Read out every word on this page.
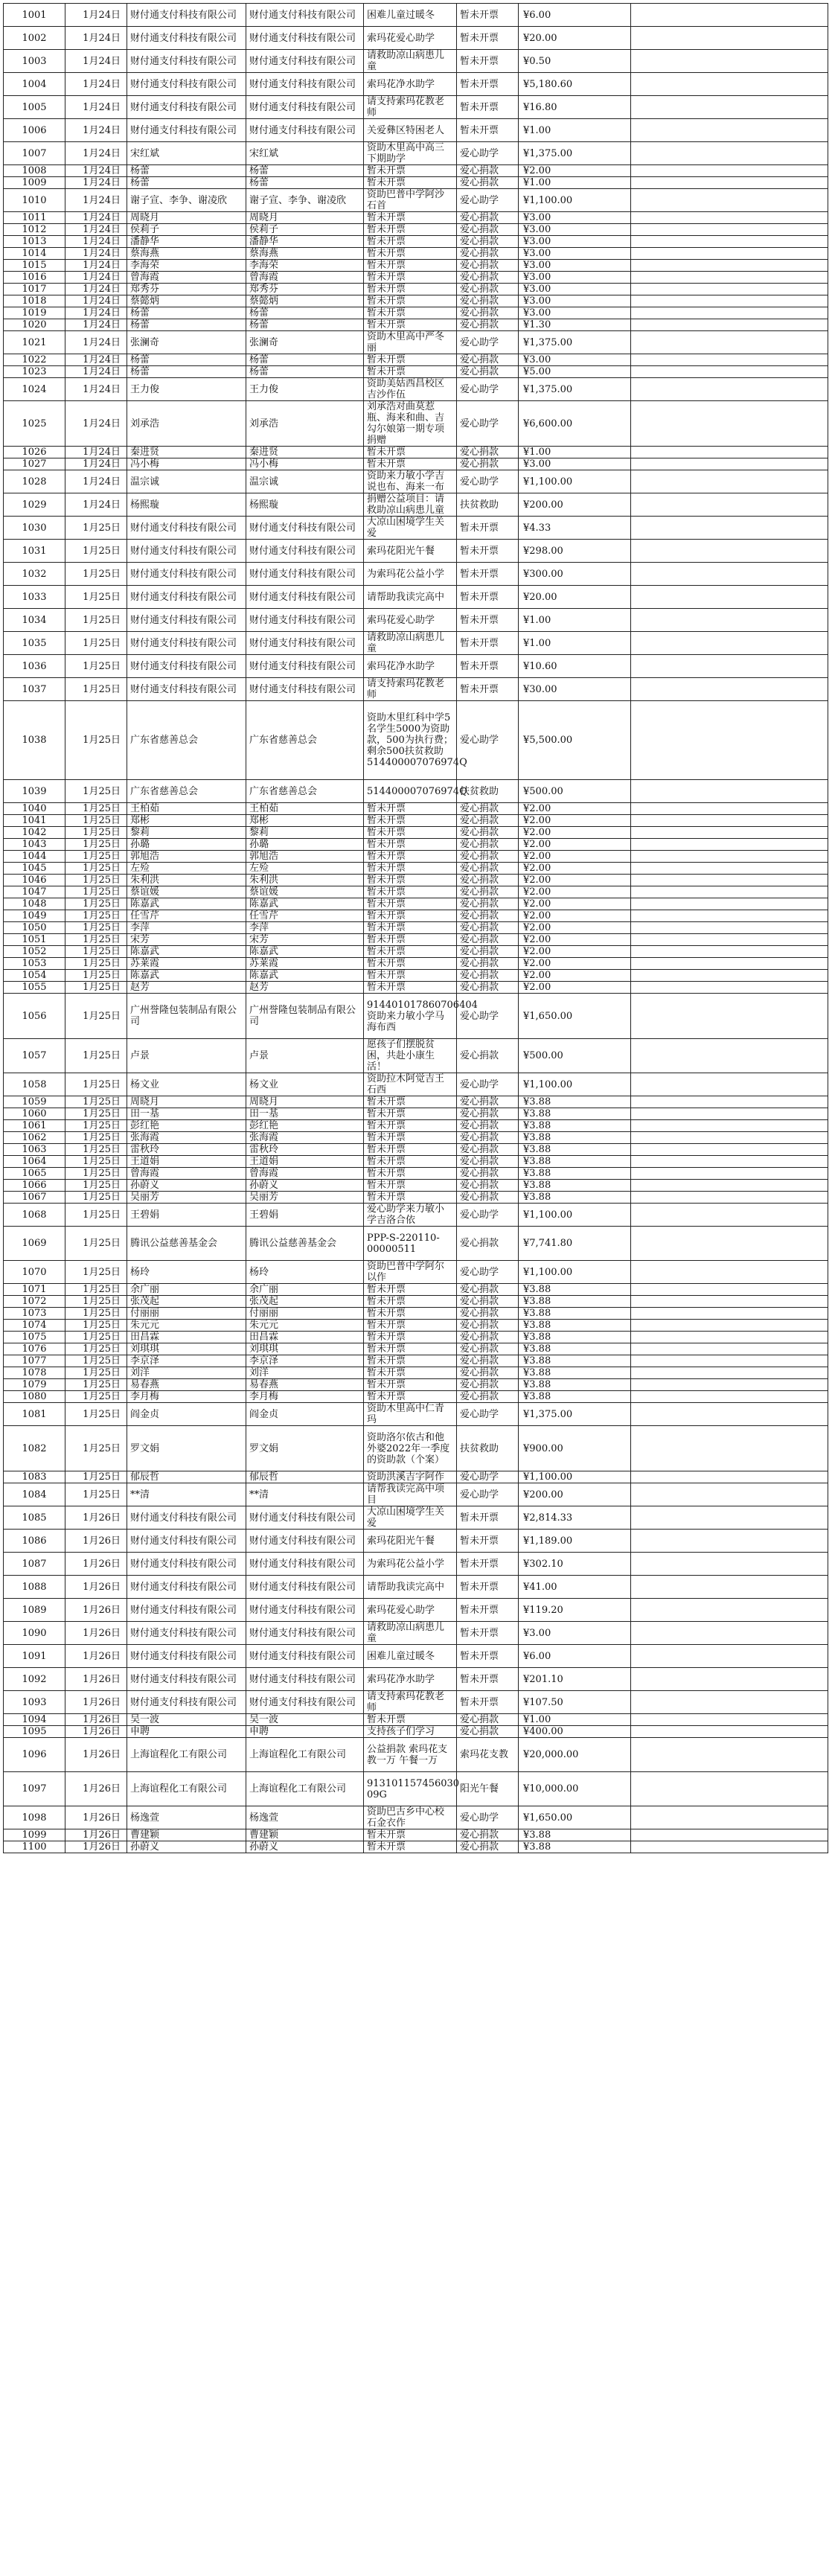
1001	1月24日	财付通支付科技有限公司	财付通支付科技有限公司	困难儿童过暖冬	暂未开票	¥6.00	
1002	1月24日	财付通支付科技有限公司	财付通支付科技有限公司	索玛花爱心助学	暂未开票	¥20.00	
1003	1月24日	财付通支付科技有限公司	财付通支付科技有限公司	请救助凉山病患儿童	暂未开票	¥0.50	
1004	1月24日	财付通支付科技有限公司	财付通支付科技有限公司	索玛花净水助学	暂未开票	¥5,180.60	
1005	1月24日	财付通支付科技有限公司	财付通支付科技有限公司	请支持索玛花教老师	暂未开票	¥16.80	
1006	1月24日	财付通支付科技有限公司	财付通支付科技有限公司	关爱彝区特困老人	暂未开票	¥1.00	
1007	1月24日	宋红斌	宋红斌	资助木里高中高三下期助学	爱心助学	¥1,375.00	
1008	1月24日	杨蕾	杨蕾	暂未开票	爱心捐款	¥2.00	
1009	1月24日	杨蕾	杨蕾	暂未开票	爱心捐款	¥1.00	
1010	1月24日	谢子宣、李争、谢凌欣	谢子宣、李争、谢凌欣	资助巴普中学阿沙石首	爱心助学	¥1,100.00	
1011	1月24日	周晓月	周晓月	暂未开票	爱心捐款	¥3.00	
1012	1月24日	侯莉子	侯莉子	暂未开票	爱心捐款	¥3.00	
1013	1月24日	潘静华	潘静华	暂未开票	爱心捐款	¥3.00	
1014	1月24日	蔡海燕	蔡海燕	暂未开票	爱心捐款	¥3.00	
1015	1月24日	李海荣	李海荣	暂未开票	爱心捐款	¥3.00	
1016	1月24日	曾海霞	曾海霞	暂未开票	爱心捐款	¥3.00	
1017	1月24日	郑秀芬	郑秀芬	暂未开票	爱心捐款	¥3.00	
1018	1月24日	蔡懿炳	蔡懿炳	暂未开票	爱心捐款	¥3.00	
1019	1月24日	杨蕾	杨蕾	暂未开票	爱心捐款	¥3.00	
1020	1月24日	杨蕾	杨蕾	暂未开票	爱心捐款	¥1.30	
1021	1月24日	张澜奇	张澜奇	资助木里高中严冬丽	爱心助学	¥1,375.00	
1022	1月24日	杨蕾	杨蕾	暂未开票	爱心捐款	¥3.00	
1023	1月24日	杨蕾	杨蕾	暂未开票	爱心捐款	¥5.00	
1024	1月24日	王力俊	王力俊	资助美姑西昌校区吉沙作伍	爱心助学	¥1,375.00	
1025	1月24日	刘承浩	刘承浩	刘承浩对曲莫惹瓶、海来和曲、吉勾尔娘第一期专项捐赠	爱心助学	¥6,600.00	
1026	1月24日	秦进贤	秦进贤	暂未开票	爱心捐款	¥1.00	
1027	1月24日	冯小梅	冯小梅	暂未开票	爱心捐款	¥3.00	
1028	1月24日	温宗诚	温宗诚	资助来力敏小学吉说也布、海来一布	爱心助学	¥1,100.00	
1029	1月24日	杨熙璇	杨熙璇	捐赠公益项目：请救助凉山病患儿童	扶贫救助	¥200.00	
1030	1月25日	财付通支付科技有限公司	财付通支付科技有限公司	大凉山困境学生关爱	暂未开票	¥4.33	
1031	1月25日	财付通支付科技有限公司	财付通支付科技有限公司	索玛花阳光午餐	暂未开票	¥298.00	
1032	1月25日	财付通支付科技有限公司	财付通支付科技有限公司	为索玛花公益小学	暂未开票	¥300.00	
1033	1月25日	财付通支付科技有限公司	财付通支付科技有限公司	请帮助我读完高中	暂未开票	¥20.00	
1034	1月25日	财付通支付科技有限公司	财付通支付科技有限公司	索玛花爱心助学	暂未开票	¥1.00	
1035	1月25日	财付通支付科技有限公司	财付通支付科技有限公司	请救助凉山病患儿童	暂未开票	¥1.00	
1036	1月25日	财付通支付科技有限公司	财付通支付科技有限公司	索玛花净水助学	暂未开票	¥10.60	
1037	1月25日	财付通支付科技有限公司	财付通支付科技有限公司	请支持索玛花教老师	暂未开票	¥30.00	
1038	1月25日	广东省慈善总会	广东省慈善总会	资助木里红科中学5名学生5000为资助款，500为执行费；剩余500扶贫救助514400007076974Q	爱心助学	¥5,500.00	
1039	1月25日	广东省慈善总会	广东省慈善总会	514400007076974Q	扶贫救助	¥500.00	
1040	1月25日	王柏茹	王柏茹	暂未开票	爱心捐款	¥2.00	
1041	1月25日	郑彬	郑彬	暂未开票	爱心捐款	¥2.00	
1042	1月25日	黎莉	黎莉	暂未开票	爱心捐款	¥2.00	
1043	1月25日	孙璐	孙璐	暂未开票	爱心捐款	¥2.00	
1044	1月25日	郭旭浩	郭旭浩	暂未开票	爱心捐款	¥2.00	
1045	1月25日	左殓	左殓	暂未开票	爱心捐款	¥2.00	
1046	1月25日	朱利洪	朱利洪	暂未开票	爱心捐款	¥2.00	
1047	1月25日	蔡谊媛	蔡谊媛	暂未开票	爱心捐款	¥2.00	
1048	1月25日	陈嘉武	陈嘉武	暂未开票	爱心捐款	¥2.00	
1049	1月25日	任雪芹	任雪芹	暂未开票	爱心捐款	¥2.00	
1050	1月25日	李萍	李萍	暂未开票	爱心捐款	¥2.00	
1051	1月25日	宋芳	宋芳	暂未开票	爱心捐款	¥2.00	
1052	1月25日	陈嘉武	陈嘉武	暂未开票	爱心捐款	¥2.00	
1053	1月25日	苏莱霞	苏莱霞	暂未开票	爱心捐款	¥2.00	
1054	1月25日	陈嘉武	陈嘉武	暂未开票	爱心捐款	¥2.00	
1055	1月25日	赵芳	赵芳	暂未开票	爱心捐款	¥2.00	
1056	1月25日	广州誉隆包装制品有限公司	广州誉隆包装制品有限公司	914401017860706404 资助来力敏小学马海布西	爱心助学	¥1,650.00	
1057	1月25日	卢景	卢景	愿孩子们摆脱贫困，共赴小康生活！	爱心捐款	¥500.00	
1058	1月25日	杨文业	杨文业	资助拉木阿觉吉王石西	爱心助学	¥1,100.00	
1059	1月25日	周晓月	周晓月	暂未开票	爱心捐款	¥3.88	
1060	1月25日	田一基	田一基	暂未开票	爱心捐款	¥3.88	
1061	1月25日	彭红艳	彭红艳	暂未开票	爱心捐款	¥3.88	
1062	1月25日	张海霞	张海霞	暂未开票	爱心捐款	¥3.88	
1063	1月25日	雷秋玲	雷秋玲	暂未开票	爱心捐款	¥3.88	
1064	1月25日	王道娟	王道娟	暂未开票	爱心捐款	¥3.88	
1065	1月25日	曾海霞	曾海霞	暂未开票	爱心捐款	¥3.88	
1066	1月25日	孙蔚义	孙蔚义	暂未开票	爱心捐款	¥3.88	
1067	1月25日	吴丽芳	吴丽芳	暂未开票	爱心捐款	¥3.88	
1068	1月25日	王碧娟	王碧娟	爱心助学来力敏小学吉洛合依	爱心助学	¥1,100.00	
1069	1月25日	腾讯公益慈善基金会	腾讯公益慈善基金会	PPP-S-220110-00000511	爱心捐款	¥7,741.80	
1070	1月25日	杨玲	杨玲	资助巴普中学阿尔以作	爱心助学	¥1,100.00	
1071	1月25日	余广丽	余广丽	暂未开票	爱心捐款	¥3.88	
1072	1月25日	张茂起	张茂起	暂未开票	爱心捐款	¥3.88	
1073	1月25日	付丽丽	付丽丽	暂未开票	爱心捐款	¥3.88	
1074	1月25日	朱元元	朱元元	暂未开票	爱心捐款	¥3.88	
1075	1月25日	田昌霖	田昌霖	暂未开票	爱心捐款	¥3.88	
1076	1月25日	刘琪琪	刘琪琪	暂未开票	爱心捐款	¥3.88	
1077	1月25日	李京泽	李京泽	暂未开票	爱心捐款	¥3.88	
1078	1月25日	刘洋	刘洋	暂未开票	爱心捐款	¥3.88	
1079	1月25日	易春燕	易春燕	暂未开票	爱心捐款	¥3.88	
1080	1月25日	李月梅	李月梅	暂未开票	爱心捐款	¥3.88	
1081	1月25日	阎金贞	阎金贞	资助木里高中仁青玛	爱心助学	¥1,375.00	
1082	1月25日	罗文娟	罗文娟	资助洛尔依古和他外婆2022年一季度的资助款（个案）	扶贫救助	¥900.00	
1083	1月25日	郁辰哲	郁辰哲	资助洪溪吉字阿作	爱心助学	¥1,100.00	
1084	1月25日	**清	**清	请帮我读完高中项目	爱心助学	¥200.00	
1085	1月26日	财付通支付科技有限公司	财付通支付科技有限公司	大凉山困境学生关爱	暂未开票	¥2,814.33	
1086	1月26日	财付通支付科技有限公司	财付通支付科技有限公司	索玛花阳光午餐	暂未开票	¥1,189.00	
1087	1月26日	财付通支付科技有限公司	财付通支付科技有限公司	为索玛花公益小学	暂未开票	¥302.10	
1088	1月26日	财付通支付科技有限公司	财付通支付科技有限公司	请帮助我读完高中	暂未开票	¥41.00	
1089	1月26日	财付通支付科技有限公司	财付通支付科技有限公司	索玛花爱心助学	暂未开票	¥119.20	
1090	1月26日	财付通支付科技有限公司	财付通支付科技有限公司	请救助凉山病患儿童	暂未开票	¥3.00	
1091	1月26日	财付通支付科技有限公司	财付通支付科技有限公司	困难儿童过暖冬	暂未开票	¥6.00	
1092	1月26日	财付通支付科技有限公司	财付通支付科技有限公司	索玛花净水助学	暂未开票	¥201.10	
1093	1月26日	财付通支付科技有限公司	财付通支付科技有限公司	请支持索玛花教老师	暂未开票	¥107.50	
1094	1月26日	吴一波	吴一波	暂未开票	爱心捐款	¥1.00	
1095	1月26日	申聘	申聘	支持孩子们学习	爱心捐款	¥400.00	
1096	1月26日	上海谊程化工有限公司	上海谊程化工有限公司	公益捐款 索玛花支教一万 午餐一万	索玛花支教	¥20,000.00	
1097	1月26日	上海谊程化工有限公司	上海谊程化工有限公司	913101157456030 09G	阳光午餐	¥10,000.00	
1098	1月26日	杨逸萱	杨逸萱	资助巴古乡中心校石金衣作	爱心助学	¥1,650.00	
1099	1月26日	曹建颖	曹建颖	暂未开票	爱心捐款	¥3.88	
1100	1月26日	孙蔚义	孙蔚义	暂未开票	爱心捐款	¥3.88	
